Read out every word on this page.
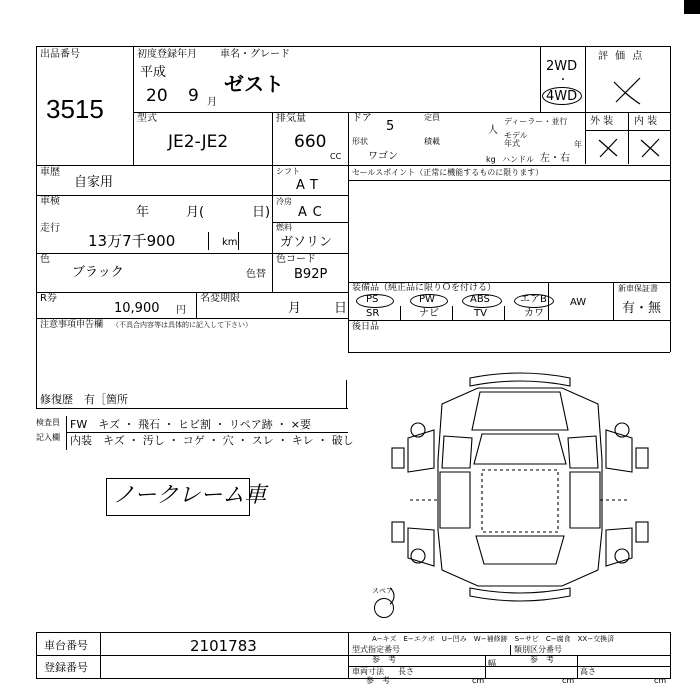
出品番号
3515
初度登録年月
平成
20 9 月
車名・グレード
ゼスト
2WD
・
4WD
評 価 点
外 装 内 装
型式
JE2-JE2
排気量
660
CC
ドア
5
定員
人
ディーラー・並行
モデル
年式	年
形状
ワゴン
積載
kg ハンドル 左・右
車歴
自家用
車検
年	月(	日)
走行
13万7千900	km
シフト
AT
冷房
AC
燃料
ガソリン
セールスポイント（正常に機能するものに限ります）
色
ブラック	色替
色コード
B92P
R券
10,900 円
名変期限
月	日
装備品（純正品に限りＯを付ける）
PS	PW	ABS	エアB
SR	ナビ	TV	カワ
AW
新車保証書
有・無
注意事項申告欄 （不具合内容等は具体的に記入して下さい）
修復歴　有［箇所
後日品
検査員
記入欄
FW　キズ ・ 飛石 ・ ヒビ割 ・ リペア跡 ・ ×要
内装　キズ ・ 汚し ・ コゲ ・ 穴 ・ スレ ・ キレ ・ 破し
ノークレーム車
スペア
A−キズ　E−エクボ　U−凹み　W−補修跡　S−サビ　C−腐食　XX−交換済
車台番号	2101783
登録番号
型式指定番号
参　考
類別区分番号
参　考
車両寸法
参　考
長さ
cm
幅
cm
高さ
cm
